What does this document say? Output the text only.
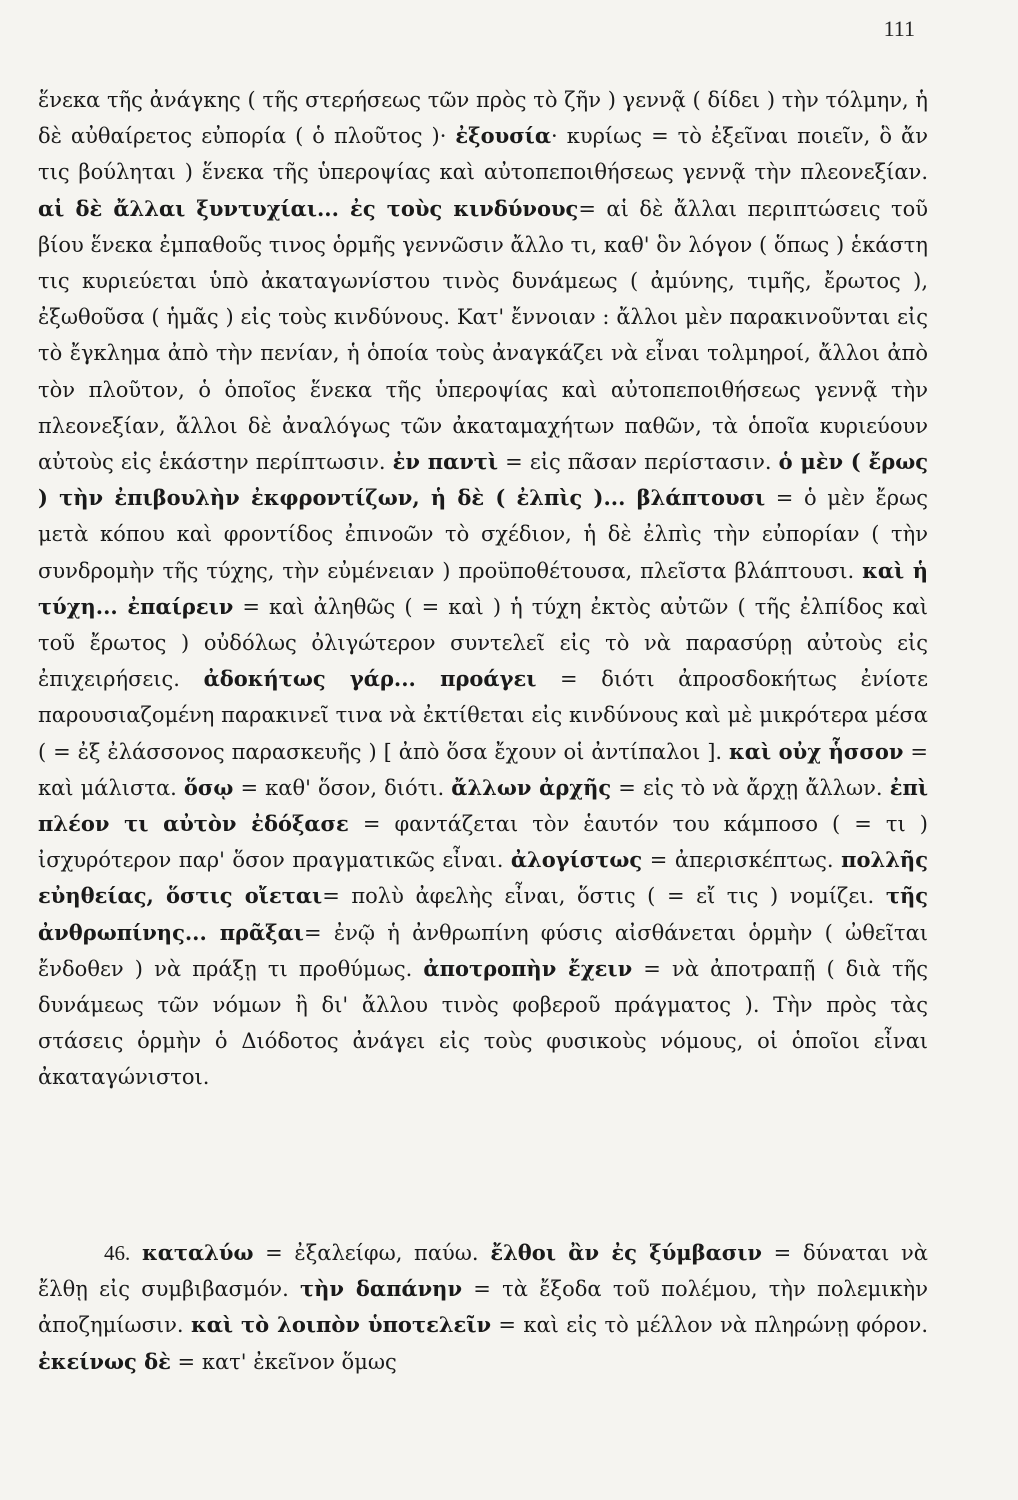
111

ἕνεκα τῆς ἀνάγκης ( τῆς στερήσεως τῶν πρὸς τὸ ζῆν ) γεννᾷ ( δίδει ) τὴν τόλμην, ἡ δὲ αὐθαίρετος εὐπορία ( ὁ πλοῦτος )· ἐξουσία· κυρίως = τὸ ἐξεῖναι ποιεῖν, ὃ ἄν τις βούληται ) ἕνεκα τῆς ὑπεροψίας καὶ αὐτοπεποιθήσεως γεννᾷ τὴν πλεονεξίαν. αἱ δὲ ἄλλαι ξυντυχίαι... ἐς τοὺς κινδύνους= αἱ δὲ ἄλλαι περιπτώσεις τοῦ βίου ἕνεκα ἐμπαθοῦς τινος ὁρμῆς γεννῶσιν ἄλλο τι, καθ' ὃν λόγον ( ὅπως ) ἑκάστη τις κυριεύεται ὑπὸ ἀκαταγωνίστου τινὸς δυνάμεως ( ἀμύνης, τιμῆς, ἔρωτος ), ἐξωθοῦσα ( ἡμᾶς ) εἰς τοὺς κινδύνους. Κατ' ἔννοιαν : ἄλλοι μὲν παρακινοῦνται εἰς τὸ ἔγκλημα ἀπὸ τὴν πενίαν, ἡ ὁποία τοὺς ἀναγκάζει νὰ εἶναι τολμηροί, ἄλλοι ἀπὸ τὸν πλοῦτον, ὁ ὁποῖος ἕνεκα τῆς ὑπεροψίας καὶ αὐτοπεποιθήσεως γεννᾷ τὴν πλεονεξίαν, ἄλλοι δὲ ἀναλόγως τῶν ἀκαταμαχήτων παθῶν, τὰ ὁποῖα κυριεύουν αὐτοὺς εἰς ἑκάστην περίπτωσιν. ἐν παντὶ = εἰς πᾶσαν περίστασιν. ὁ μὲν ( ἔρως ) τὴν ἐπιβουλὴν ἐκφροντίζων, ἡ δὲ ( ἐλπὶς )... βλάπτουσι = ὁ μὲν ἔρως μετὰ κόπου καὶ φροντίδος ἐπινοῶν τὸ σχέδιον, ἡ δὲ ἐλπὶς τὴν εὐπορίαν ( τὴν συνδρομὴν τῆς τύχης, τὴν εὐμένειαν ) προϋποθέτουσα, πλεῖστα βλάπτουσι. καὶ ἡ τύχη... ἐπαίρειν = καὶ ἀληθῶς ( = καὶ ) ἡ τύχη ἐκτὸς αὐτῶν ( τῆς ἐλπίδος καὶ τοῦ ἔρωτος ) οὐδόλως ὀλιγώτερον συντελεῖ εἰς τὸ νὰ παρασύρῃ αὐτοὺς εἰς ἐπιχειρήσεις. ἀδοκήτως γάρ... προάγει = διότι ἀπροσδοκήτως ἐνίοτε παρουσιαζομένη παρακινεῖ τινα νὰ ἐκτίθεται εἰς κινδύνους καὶ μὲ μικρότερα μέσα ( = ἐξ ἐλάσσονος παρασκευῆς ) [ ἀπὸ ὅσα ἔχουν οἱ ἀντίπαλοι ]. καὶ οὐχ ἧσσον = καὶ μάλιστα. ὅσῳ = καθ' ὅσον, διότι. ἄλλων ἀρχῆς = εἰς τὸ νὰ ἄρχῃ ἄλλων. ἐπὶ πλέον τι αὐτὸν ἐδόξασε = φαντάζεται τὸν ἑαυτόν του κάμποσο ( = τι ) ἰσχυρότερον παρ' ὅσον πραγματικῶς εἶναι. ἀλογίστως = ἀπερισκέπτως. πολλῆς εὐηθείας, ὅστις οἴεται= πολὺ ἀφελὴς εἶναι, ὅστις ( = εἴ τις ) νομίζει. τῆς ἀνθρωπίνης... πρᾶξαι= ἐνῷ ἡ ἀνθρωπίνη φύσις αἰσθάνεται ὁρμὴν ( ὠθεῖται ἔνδοθεν ) νὰ πράξῃ τι προθύμως. ἀποτροπὴν ἔχειν = νὰ ἀποτραπῇ ( διὰ τῆς δυνάμεως τῶν νόμων ἢ δι' ἄλλου τινὸς φοβεροῦ πράγματος ). Τὴν πρὸς τὰς στάσεις ὁρμὴν ὁ Διόδοτος ἀνάγει εἰς τοὺς φυσικοὺς νόμους, οἱ ὁποῖοι εἶναι ἀκαταγώνιστοι.

46. καταλύω = ἐξαλείφω, παύω. ἔλθοι ἂν ἐς ξύμβασιν = δύναται νὰ ἔλθῃ εἰς συμβιβασμόν. τὴν δαπάνην = τὰ ἔξοδα τοῦ πολέμου, τὴν πολεμικὴν ἀποζημίωσιν. καὶ τὸ λοιπὸν ὑποτελεῖν = καὶ εἰς τὸ μέλλον νὰ πληρώνῃ φόρον. ἐκείνως δὲ = κατ' ἐκεῖνον ὅμως
